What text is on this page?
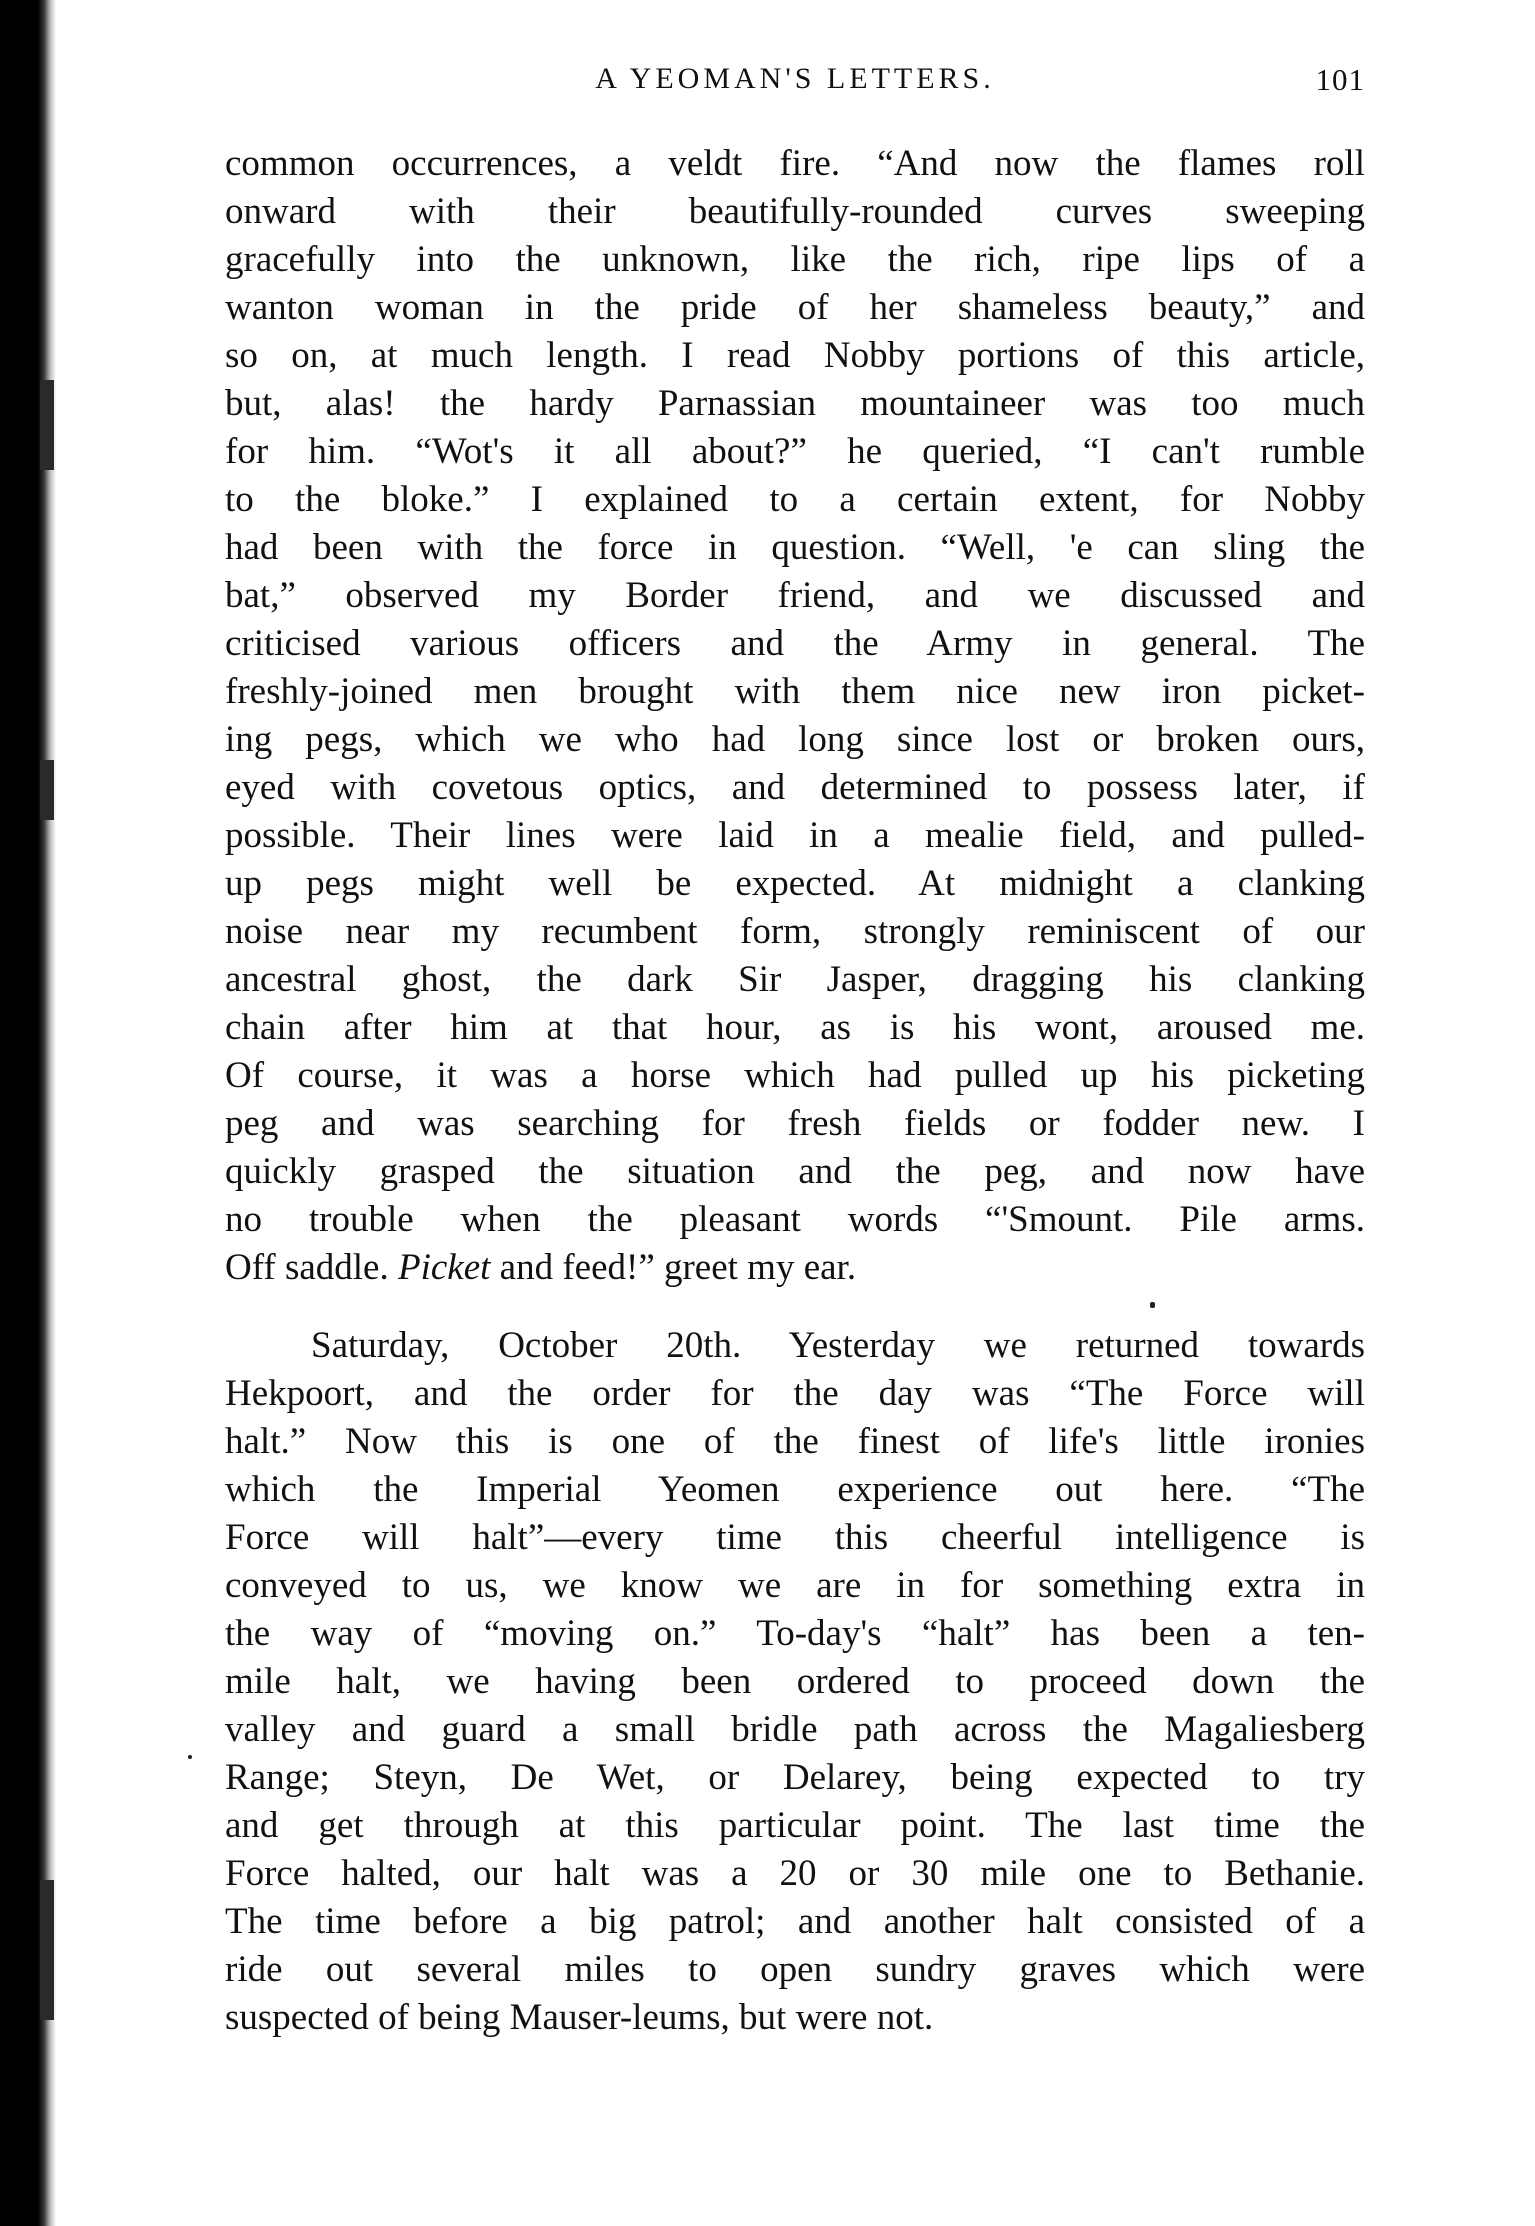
A YEOMAN'S LETTERS.	101

common occurrences, a veldt fire. “And now the flames roll
onward with their beautifully-rounded curves sweeping
gracefully into the unknown, like the rich, ripe lips of a
wanton woman in the pride of her shameless beauty,” and
so on, at much length. I read Nobby portions of this article,
but, alas! the hardy Parnassian mountaineer was too much
for him. “Wot's it all about?” he queried, “I can't rumble
to the bloke.” I explained to a certain extent, for Nobby
had been with the force in question. “Well, 'e can sling the
bat,” observed my Border friend, and we discussed and
criticised various officers and the Army in general. The
freshly-joined men brought with them nice new iron picket-
ing pegs, which we who had long since lost or broken ours,
eyed with covetous optics, and determined to possess later, if
possible. Their lines were laid in a mealie field, and pulled-
up pegs might well be expected. At midnight a clanking
noise near my recumbent form, strongly reminiscent of our
ancestral ghost, the dark Sir Jasper, dragging his clanking
chain after him at that hour, as is his wont, aroused me.
Of course, it was a horse which had pulled up his picketing
peg and was searching for fresh fields or fodder new. I
quickly grasped the situation and the peg, and now have
no trouble when the pleasant words “'Smount. Pile arms.
Off saddle. Picket and feed!” greet my ear.

Saturday, October 20th. Yesterday we returned towards
Hekpoort, and the order for the day was “The Force will
halt.” Now this is one of the finest of life's little ironies
which the Imperial Yeomen experience out here. “The
Force will halt”—every time this cheerful intelligence is
conveyed to us, we know we are in for something extra in
the way of “moving on.” To-day's “halt” has been a ten-
mile halt, we having been ordered to proceed down the
valley and guard a small bridle path across the Magaliesberg
Range; Steyn, De Wet, or Delarey, being expected to try
and get through at this particular point. The last time the
Force halted, our halt was a 20 or 30 mile one to Bethanie.
The time before a big patrol; and another halt consisted of a
ride out several miles to open sundry graves which were
suspected of being Mauser-leums, but were not.
